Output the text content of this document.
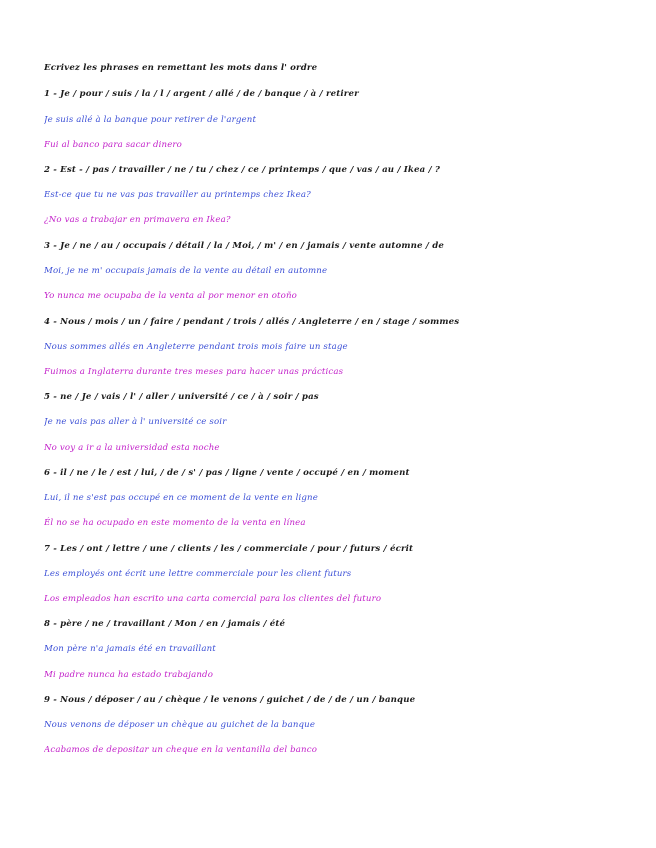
Ecrivez les phrases en remettant les mots dans l' ordre
1 - Je / pour / suis / la / l / argent / allé / de / banque / à / retirer
Je suis allé à la banque pour retirer de l'argent
Fui al banco para sacar dinero
2 - Est - / pas / travailler / ne / tu / chez / ce / printemps / que / vas / au / Ikea / ?
Est-ce que tu ne vas pas travailler au printemps chez Ikea?
¿No vas a trabajar en primavera en Ikea?
3 - Je / ne / au / occupais / détail / la / Moi, / m' / en / jamais / vente automne / de
Moi, je ne m' occupais jamais de la vente au détail en automne
Yo nunca me ocupaba de la venta al por menor en otoño
4 - Nous / mois / un / faire / pendant / trois / allés / Angleterre / en / stage / sommes
Nous sommes allés en Angleterre pendant trois mois faire un stage
Fuimos a Inglaterra durante tres meses para hacer unas prácticas
5 - ne / Je / vais / l' / aller / université / ce / à / soir / pas
Je ne vais pas aller à l' université ce soir
No voy a ir a la universidad esta noche
6 - il / ne / le / est / lui, / de / s' / pas / ligne / vente / occupé / en / moment
Lui, il ne s'est pas occupé en ce moment de la vente en ligne
Él no se ha ocupado en este momento de la venta en línea
7 - Les / ont / lettre / une / clients / les / commerciale / pour / futurs / écrit
Les employés ont écrit une lettre commerciale pour les client futurs
Los empleados han escrito una carta comercial para los clientes del futuro
8 - père / ne / travaillant / Mon / en / jamais / été
Mon père n'a jamais été en travaillant
Mi padre nunca ha estado trabajando
9 - Nous / déposer / au / chèque / le venons / guichet / de / de / un / banque
Nous venons de déposer un chèque au guichet de la banque
Acabamos de depositar un cheque en la ventanilla del banco
